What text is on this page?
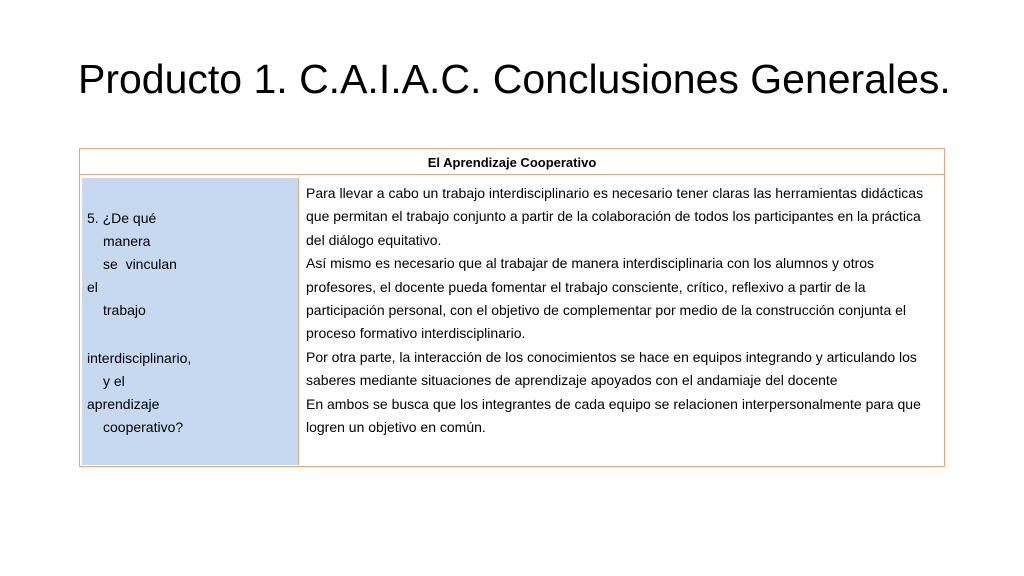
Producto 1. C.A.I.A.C. Conclusiones Generales.
El Aprendizaje Cooperativo

Para llevar a cabo un trabajo interdisciplinario es necesario tener claras las herramientas didácticas que permitan el trabajo conjunto a partir de la colaboración de todos los participantes en la práctica del diálogo equitativo.

Así mismo es necesario que al trabajar de manera interdisciplinaria con los alumnos y otros profesores, el docente pueda fomentar el trabajo consciente, crítico, reflexivo a partir de la participación personal, con el objetivo de complementar por medio de la construcción conjunta el proceso formativo interdisciplinario.

Por otra parte, la interacción de los conocimientos se hace en equipos integrando y articulando los saberes mediante situaciones de aprendizaje apoyados con el andamiaje del docente

En ambos se busca que los integrantes de cada equipo se relacionen interpersonalmente para que logren un objetivo en común.

5. ¿De qué
manera
se  vinculan
el
trabajo
interdisciplinario,
y el
aprendizaje
cooperativo?
